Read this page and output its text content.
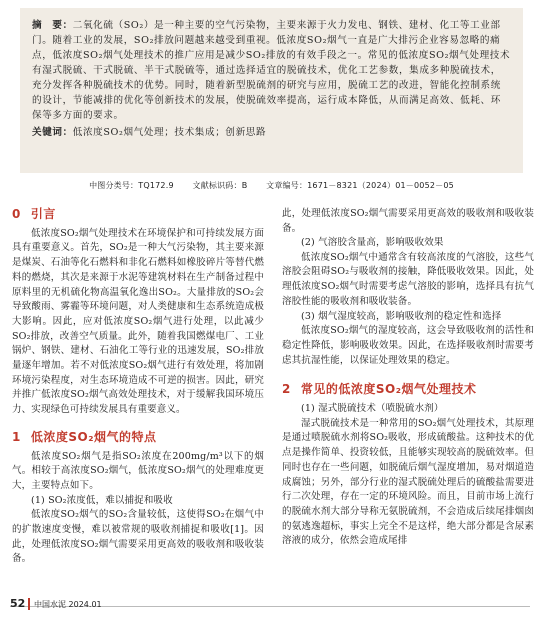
摘　要：二氧化硫（SO₂）是一种主要的空气污染物，主要来源于火力发电、钢铁、建材、化工等工业部门。随着工业的发展，SO₂排放问题越来越受到重视。低浓度SO₂烟气一直是广大排污企业容易忽略的痛点，低浓度SO₂烟气处理技术的推广应用是减少SO₂排放的有效手段之一。常见的低浓度SO₂烟气处理技术有湿式脱硫、干式脱硫、半干式脱硫等，通过选择适宜的脱硫技术，优化工艺参数，集成多种脱硫技术，充分发挥各种脱硫技术的优势。同时，随着新型脱硫剂的研究与应用，脱硫工艺的改进，智能化控制系统的设计，节能减排的优化等创新技术的发展，使脱硫效率提高，运行成本降低，从而满足高效、低耗、环保等多方面的要求。
关键词：低浓度SO₂烟气处理；技术集成；创新思路
中图分类号：TQ172.9 文献标识码：B 文章编号：1671－8321（2024）01－0052－05
0 引言

低浓度SO₂烟气处理技术在环境保护和可持续发展方面具有重要意义。首先，SO₂是一种大气污染物，其主要来源是煤炭、石油等化石燃料和非化石燃料如橡胶碎片等替代燃料的燃烧，其次是来源于水泥等建筑材料在生产制备过程中原料里的无机硫化物高温氧化逸出SO₂。大量排放的SO₂会导致酸雨、雾霾等环境问题，对人类健康和生态系统造成极大影响。因此，应对低浓度SO₂烟气进行处理，以此减少SO₂排放，改善空气质量。此外，随着我国燃煤电厂、工业锅炉、钢铁、建材、石油化工等行业的迅速发展，SO₂排放量逐年增加。若不对低浓度SO₂烟气进行有效处理，将加剧环境污染程度，对生态环境造成不可逆的损害。因此，研究并推广低浓度SO₂烟气高效处理技术，对于缓解我国环境压力、实现绿色可持续发展具有重要意义。

1 低浓度SO₂烟气的特点

低浓度SO₂烟气是指SO₂浓度在200mg/m³以下的烟气。相较于高浓度SO₂烟气，低浓度SO₂烟气的处理难度更大，主要特点如下。

(1) SO₂浓度低，难以捕捉和吸收

低浓度SO₂烟气的SO₂含量较低，这使得SO₂在烟气中的扩散速度变慢，难以被常规的吸收剂捕捉和吸收[1]。因此，处理低浓度SO₂烟气需要采用更高效的吸收剂和吸收装备。

此，处理低浓度SO₂烟气需要采用更高效的吸收剂和吸收装备。

(2) 气溶胶含量高，影响吸收效果

低浓度SO₂烟气中通常含有较高浓度的气溶胶，这些气溶胶会阻碍SO₂与吸收剂的接触，降低吸收效果。因此，处理低浓度SO₂烟气时需要考虑气溶胶的影响，选择具有抗气溶胶性能的吸收剂和吸收装备。

(3) 烟气湿度较高，影响吸收剂的稳定性和选择

低浓度SO₂烟气的湿度较高，这会导致吸收剂的活性和稳定性降低，影响吸收效果。因此，在选择吸收剂时需要考虑其抗湿性能，以保证处理效果的稳定。

2 常见的低浓度SO₂烟气处理技术

(1) 湿式脱硫技术（喷脱硫水剂）

湿式脱硫技术是一种常用的SO₂烟气处理技术，其原理是通过喷脱硫水剂将SO₂吸收，形成硫酸盐。这种技术的优点是操作简单、投资较低，且能够实现较高的脱硫效率。但同时也存在一些问题，如脱硫后烟气湿度增加，易对烟道造成腐蚀；另外，部分行业的湿式脱硫处理后的硫酸盐需要进行二次处理，存在一定的环境风险。而且，目前市场上流行的脱硫水剂大部分导称无氨脱硫剂，不会造成后续尾排烟囱的氨逃逸超标，事实上完全不是这样，绝大部分都是含尿素溶液的成分，依然会造成尾排

52 中国水泥 2024.01
